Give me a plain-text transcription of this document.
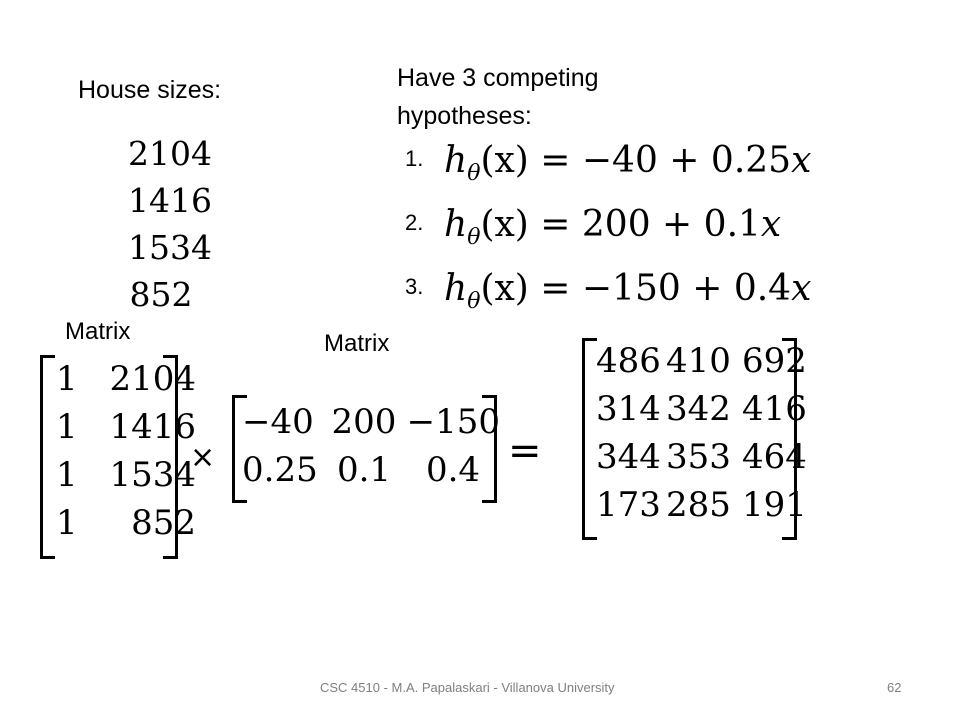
House sizes:
2104
1416
1534
852
Have 3 competing
hypotheses:
1. $h_\theta(x) = -40 + 0.25x$
2. $h_\theta(x) = 200 + 0.1x$
3. $h_\theta(x) = -150 + 0.4x$
Matrix	Matrix
1 2104
1 1416
1 1534
1	852
×
−40 200 −150
0.25 0.1	0.4 =
486 410 692
314 342 416
344 353 464
173 285 191
CSC 4510 - M.A. Papalaskari - Villanova University	62
